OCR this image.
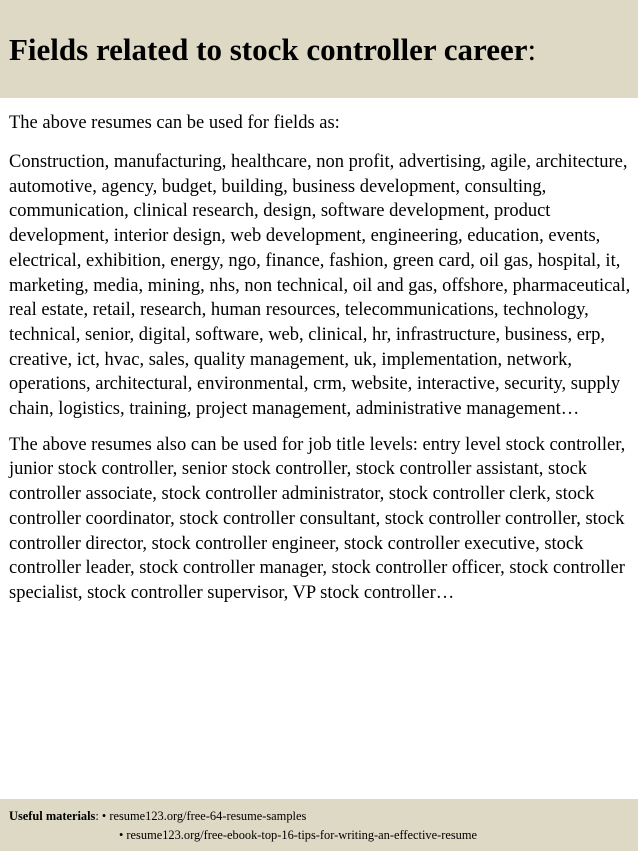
Fields related to stock controller career:

The above resumes can be used for fields as:

Construction, manufacturing, healthcare, non profit, advertising, agile, architecture, automotive, agency, budget, building, business development, consulting, communication, clinical research, design, software development, product development, interior design, web development, engineering, education, events, electrical, exhibition, energy, ngo, finance, fashion, green card, oil gas, hospital, it, marketing, media, mining, nhs, non technical, oil and gas, offshore, pharmaceutical, real estate, retail, research, human resources, telecommunications, technology, technical, senior, digital, software, web, clinical, hr, infrastructure, business, erp, creative, ict, hvac, sales, quality management, uk, implementation, network, operations, architectural, environmental, crm, website, interactive, security, supply chain, logistics, training, project management, administrative management…

The above resumes also can be used for job title levels: entry level stock controller, junior stock controller, senior stock controller, stock controller assistant, stock controller associate, stock controller administrator, stock controller clerk, stock controller coordinator, stock controller consultant, stock controller controller, stock controller director, stock controller engineer, stock controller executive, stock controller leader, stock controller manager, stock controller officer, stock controller specialist, stock controller supervisor, VP stock controller…

Useful materials: • resume123.org/free-64-resume-samples
• resume123.org/free-ebook-top-16-tips-for-writing-an-effective-resume
